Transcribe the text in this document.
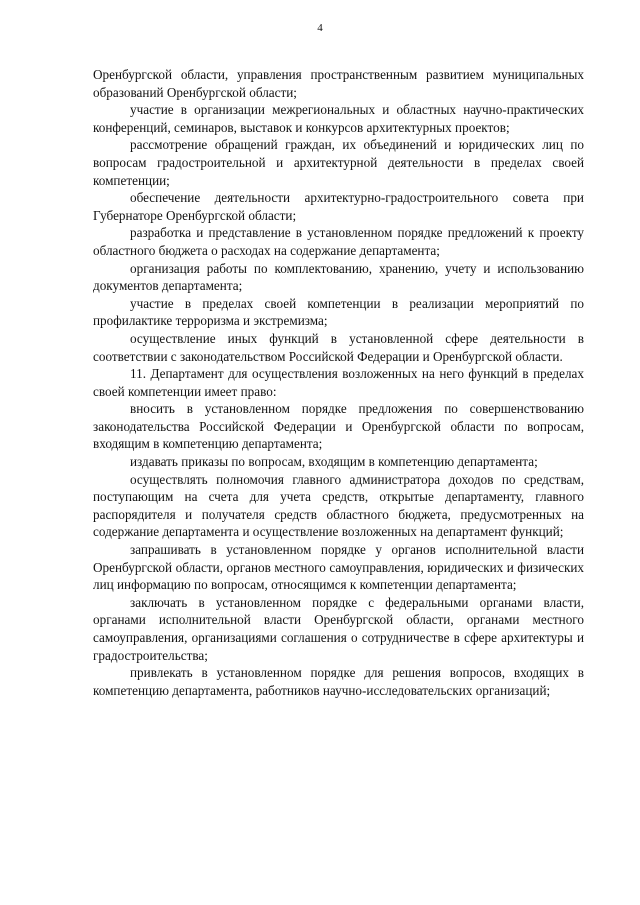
4

Оренбургской области, управления пространственным развитием муниципальных образований Оренбургской области;

участие в организации межрегиональных и областных научно-практических конференций, семинаров, выставок и конкурсов архитектурных проектов;

рассмотрение обращений граждан, их объединений и юридических лиц по вопросам градостроительной и архитектурной деятельности в пределах своей компетенции;

обеспечение деятельности архитектурно-градостроительного совета при Губернаторе Оренбургской области;

разработка и представление в установленном порядке предложений к проекту областного бюджета о расходах на содержание департамента;

организация работы по комплектованию, хранению, учету и использованию документов департамента;

участие в пределах своей компетенции в реализации мероприятий по профилактике терроризма и экстремизма;

осуществление иных функций в установленной сфере деятельности в соответствии с законодательством Российской Федерации и Оренбургской области.

11. Департамент для осуществления возложенных на него функций в пределах своей компетенции имеет право:

вносить в установленном порядке предложения по совершенствованию законодательства Российской Федерации и Оренбургской области по вопросам, входящим в компетенцию департамента;

издавать приказы по вопросам, входящим в компетенцию департамента;

осуществлять полномочия главного администратора доходов по средствам, поступающим на счета для учета средств, открытые департаменту, главного распорядителя и получателя средств областного бюджета, предусмотренных на содержание департамента и осуществление возложенных на департамент функций;

запрашивать в установленном порядке у органов исполнительной власти Оренбургской области, органов местного самоуправления, юридических и физических лиц информацию по вопросам, относящимся к компетенции департамента;

заключать в установленном порядке с федеральными органами власти, органами исполнительной власти Оренбургской области, органами местного самоуправления, организациями соглашения о сотрудничестве в сфере архитектуры и градостроительства;

привлекать в установленном порядке для решения вопросов, входящих в компетенцию департамента, работников научно-исследовательских организаций;
